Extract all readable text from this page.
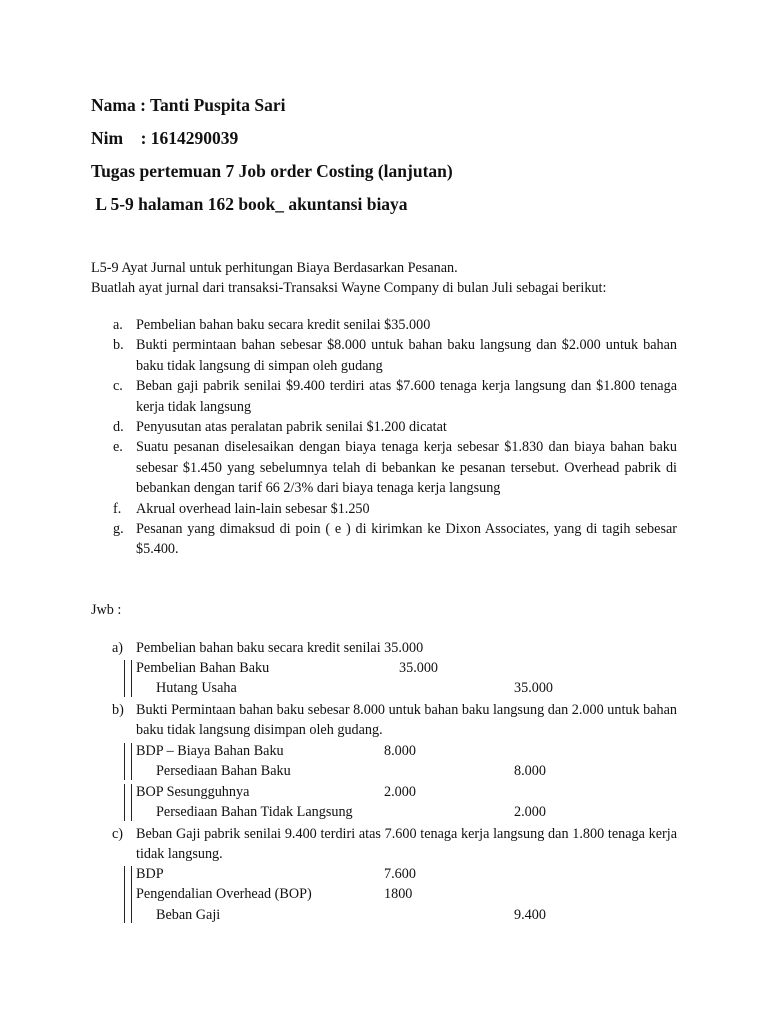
Nama : Tanti Puspita Sari
Nim    : 1614290039
Tugas pertemuan 7 Job order Costing (lanjutan)
L 5-9 halaman 162 book_ akuntansi biaya
L5-9 Ayat Jurnal untuk perhitungan Biaya Berdasarkan Pesanan.
Buatlah ayat jurnal dari transaksi-Transaksi Wayne Company di bulan Juli sebagai berikut:
a. Pembelian bahan baku secara kredit senilai $35.000
b. Bukti permintaan bahan sebesar $8.000 untuk bahan baku langsung dan $2.000 untuk bahan baku tidak langsung di simpan oleh gudang
c. Beban gaji pabrik senilai $9.400 terdiri atas $7.600 tenaga kerja langsung dan $1.800 tenaga kerja tidak langsung
d. Penyusutan atas peralatan pabrik senilai $1.200 dicatat
e. Suatu pesanan diselesaikan dengan biaya tenaga kerja sebesar $1.830 dan biaya bahan baku sebesar $1.450 yang sebelumnya telah di bebankan ke pesanan tersebut. Overhead pabrik di bebankan dengan tarif 66 2/3% dari biaya tenaga kerja langsung
f. Akrual overhead lain-lain sebesar $1.250
g. Pesanan yang dimaksud di poin ( e ) di kirimkan ke Dixon Associates, yang di tagih sebesar $5.400.
Jwb :
a) Pembelian bahan baku secara kredit senilai 35.000
Pembelian Bahan Baku	35.000
Hutang Usaha	35.000
b) Bukti Permintaan bahan baku sebesar 8.000 untuk bahan baku langsung dan 2.000 untuk bahan baku tidak langsung disimpan oleh gudang.
BDP – Biaya Bahan Baku	8.000
Persediaan Bahan Baku	8.000
BOP Sesungguhnya	2.000
Persediaan Bahan Tidak Langsung	2.000
c) Beban Gaji pabrik senilai 9.400 terdiri atas 7.600 tenaga kerja langsung dan 1.800 tenaga kerja tidak langsung.
BDP	7.600
Pengendalian Overhead (BOP)	1800
Beban Gaji	9.400
